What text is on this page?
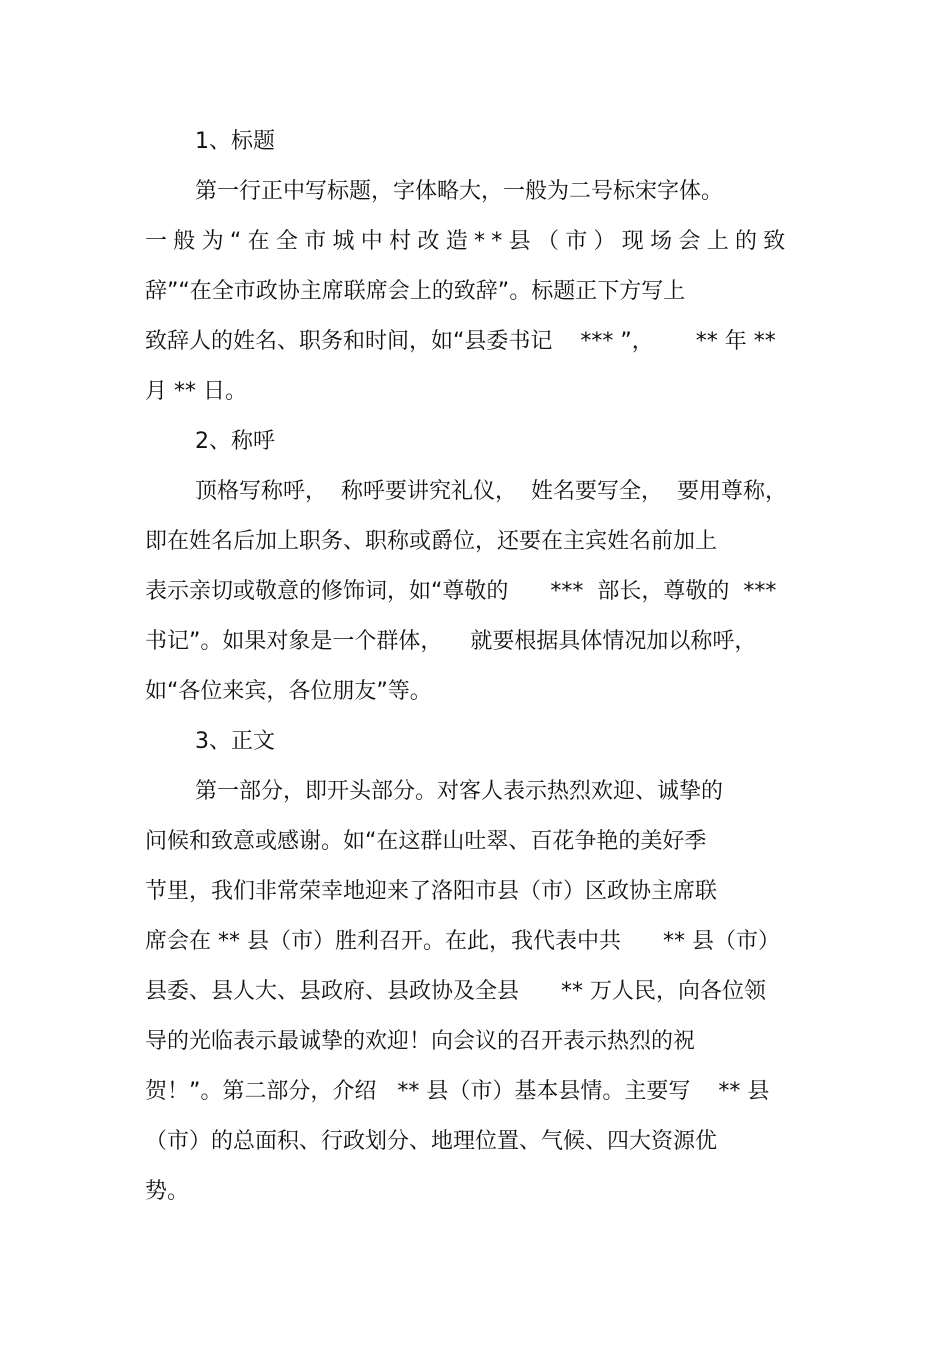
1、标题
第一行正中写标题，字体略大，一般为二号标宋字体。
一般为“在全市城中村改造**县（市）现场会上的致
辞”“在全市政协主席联席会上的致辞”。标题正下方写上
致辞人的姓名、职务和时间，如“县委书记    *** ”，      ** 年 **
月 ** 日。
2、称呼
顶格写称呼，  称呼要讲究礼仪，  姓名要写全，  要用尊称，
即在姓名后加上职务、职称或爵位，还要在主宾姓名前加上
表示亲切或敬意的修饰词，如“尊敬的      ***  部长，尊敬的  ***
书记”。如果对象是一个群体，    就要根据具体情况加以称呼，
如“各位来宾，各位朋友”等。
3、正文
第一部分，即开头部分。对客人表示热烈欢迎、诚挚的
问候和致意或感谢。如“在这群山吐翠、百花争艳的美好季
节里，我们非常荣幸地迎来了洛阳市县（市）区政协主席联
席会在 ** 县（市）胜利召开。在此，我代表中共      ** 县（市）
县委、县人大、县政府、县政协及全县      ** 万人民，向各位领
导的光临表示最诚挚的欢迎！向会议的召开表示热烈的祝
贺！”。第二部分，介绍   ** 县（市）基本县情。主要写    ** 县
（市）的总面积、行政划分、地理位置、气候、四大资源优
势。
